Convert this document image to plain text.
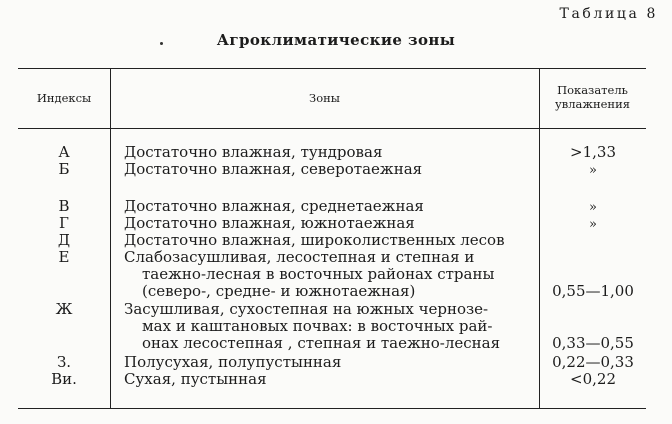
Таблица 8
Агроклиматические зоны
Индексы	Зоны
Показатель
увлажнения
А
Б
В
Г
Д
Е
Ж
З.
Ви.
Достаточно влажная, тундровая
Достаточно влажная, северотаежная
Достаточно влажная, среднетаежная
Достаточно влажная, южнотаежная
Достаточно влажная, широколиственных лесов
Слабозасушливая, лесостепная и степная и
таежно-лесная в восточных районах страны
(северо-, средне- и южнотаежная)
Засушливая, сухостепная на южных чернозе-
мах и каштановых почвах: в восточных рай-
онах лесостепная , степная и таежно-лесная
Полусухая, полупустынная
Сухая, пустынная
>1,33
»
»
»
0,55—1,00
0,33—0,55
0,22—0,33
<0,22
